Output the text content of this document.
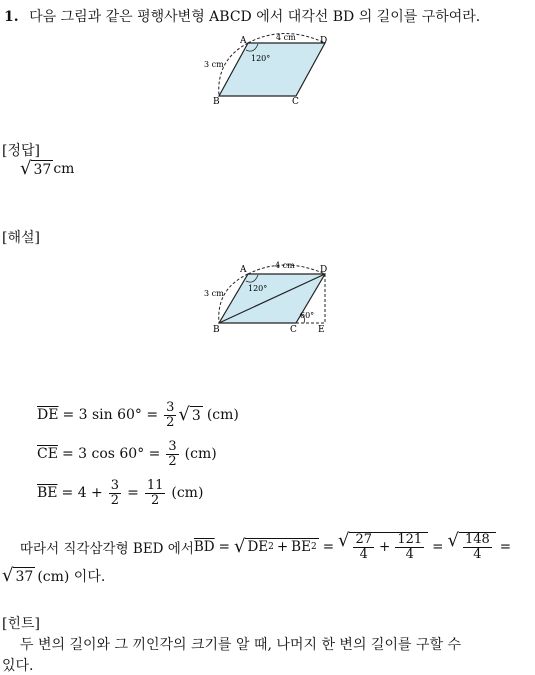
1. 다음 그림과 같은 평행사변형 ABCD 에서 대각선 BD 의 길이를 구하여라.
A	D
B	C
4 cm
3 cm
120°
[정답]
√ 37 cm
[해설]
A	D
B	C E
4 cm
3 cm
120°
60°
$\overline{DE} = 3$ $\sin 60^\circ = \frac{3}{2}$ √ 3 (cm)
$\overline{CE} = 3$ $\cos 60^\circ = \frac{3}{2} (cm)$
$\overline{BE} = 4 + \frac{3}{2} = \frac{11}{2} (cm)$
따라서 직각삼각형 BED 에서 $\overline{BD}$ = √ DE $2 + \overline{BE}$ 2 = √ $\frac{27}{4} + \frac{121}{4}$ = √ $\frac{148}{4}$ =
√ 37 (cm) 이다.
[힌트]
두 변의 길이와 그 끼인각의 크기를 알 때, 나머지 한 변의 길이를 구할 수
있다.
